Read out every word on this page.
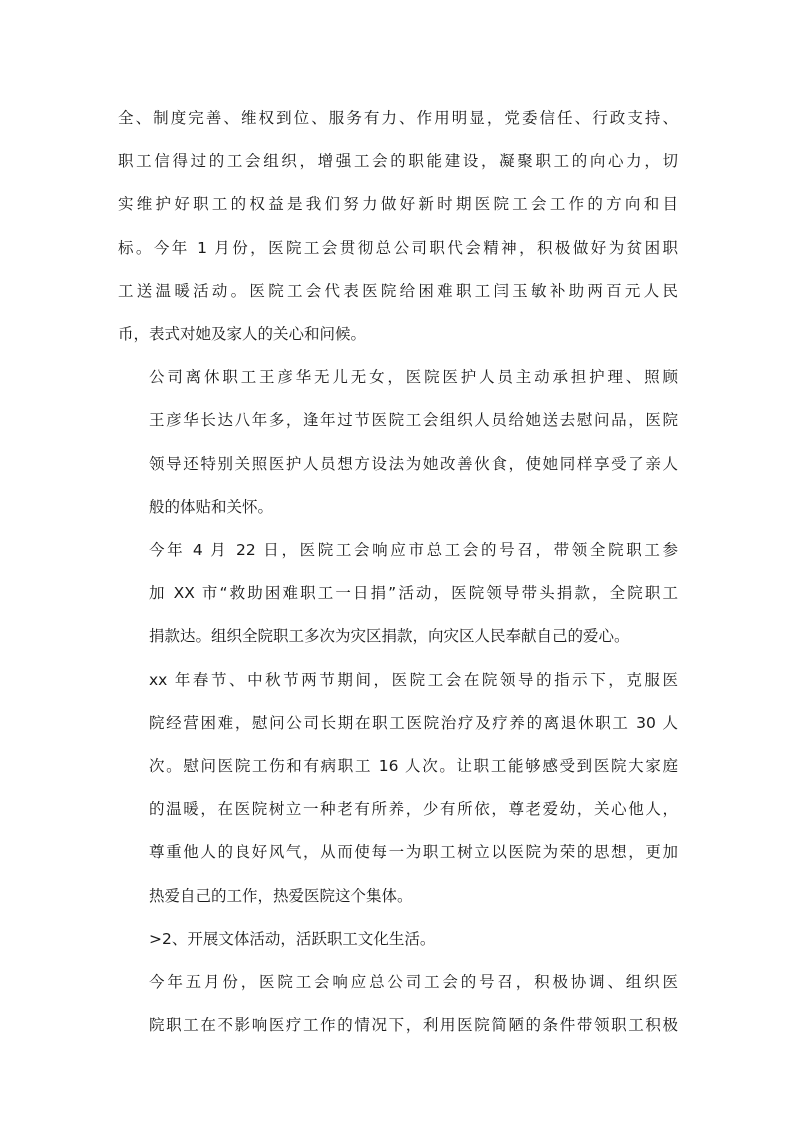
全、制度完善、维权到位、服务有力、作用明显，党委信任、行政支持、
职工信得过的工会组织，增强工会的职能建设，凝聚职工的向心力，切
实维护好职工的权益是我们努力做好新时期医院工会工作的方向和目
标。今年 1 月份，医院工会贯彻总公司职代会精神，积极做好为贫困职
工送温暖活动。医院工会代表医院给困难职工闫玉敏补助两百元人民
币，表式对她及家人的关心和问候。

公司离休职工王彦华无儿无女，医院医护人员主动承担护理、照顾
王彦华长达八年多，逢年过节医院工会组织人员给她送去慰问品，医院
领导还特别关照医护人员想方设法为她改善伙食，使她同样享受了亲人
般的体贴和关怀。

今年 4 月 22 日，医院工会响应市总工会的号召，带领全院职工参
加 XX 市“救助困难职工一日捐”活动，医院领导带头捐款，全院职工
捐款达。组织全院职工多次为灾区捐款，向灾区人民奉献自己的爱心。

xx 年春节、中秋节两节期间，医院工会在院领导的指示下，克服医
院经营困难，慰问公司长期在职工医院治疗及疗养的离退休职工 30 人
次。慰问医院工伤和有病职工 16 人次。让职工能够感受到医院大家庭
的温暖，在医院树立一种老有所养，少有所依，尊老爱幼，关心他人，
尊重他人的良好风气，从而使每一为职工树立以医院为荣的思想，更加
热爱自己的工作，热爱医院这个集体。

>2、开展文体活动，活跃职工文化生活。

今年五月份，医院工会响应总公司工会的号召，积极协调、组织医
院职工在不影响医疗工作的情况下，利用医院简陋的条件带领职工积极
